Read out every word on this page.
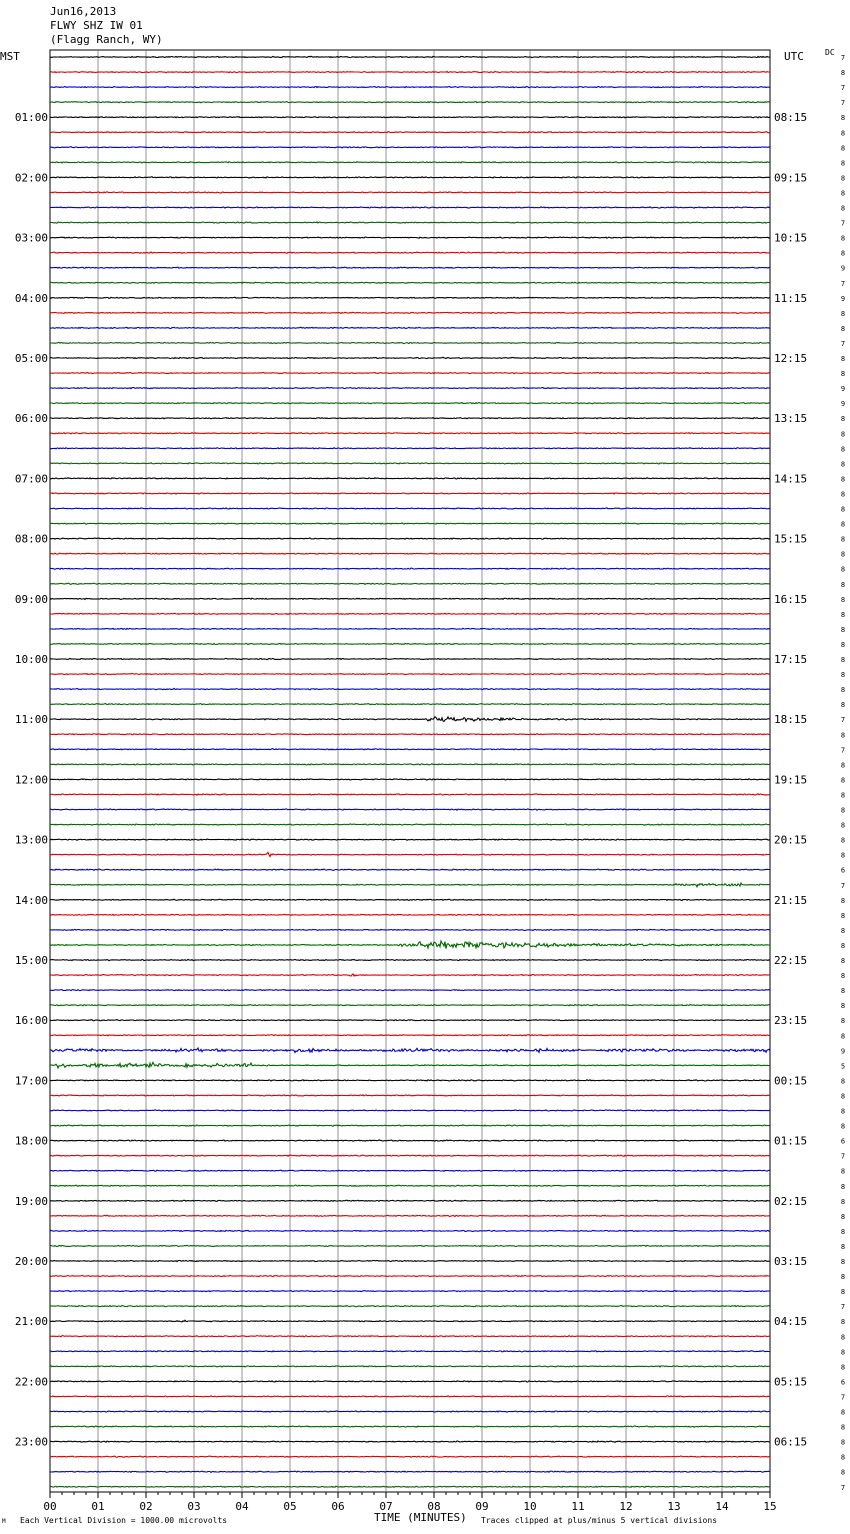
00	01	02	03	04	05	06	07	08	09	10	11	12	13	14	15
7
8
7
7
8
8
8
8
8
8
8
7
8
8
9
7
9
8
8
7
8
8
9
9
8
8
8
8
8
8
8
8
8
8
8
8
8
8
8
8
8
8
8
8
7
8
7
8
8
8
8
8
8
8
6
7
8
8
8
8
8
8
8
8
8
8
9
5
8
8
8
8
6
7
8
8
8
8
8
8
8
8
8
7
8
8
8
8
6
7
8
8
8
8
8
7
01:00
02:00
03:00
04:00
05:00
06:00
07:00
08:00
09:00
10:00
11:00
12:00
13:00
14:00
15:00
16:00
17:00
18:00
19:00
20:00
21:00
22:00
23:00
08:15
09:15
10:15
11:15
12:15
13:15
14:15
15:15
16:15
17:15
18:15
19:15
20:15
21:15
22:15
23:15
00:15
01:15
02:15
03:15
04:15
05:15
06:15
Jun16,2013
FLWY SHZ IW 01
(Flagg Ranch, WY)
MST	UTC	DC
TIME (MINUTES)
Each Vertical Division = 1000.00 microvolts	Traces clipped at plus/minus 5 vertical divisions
M
